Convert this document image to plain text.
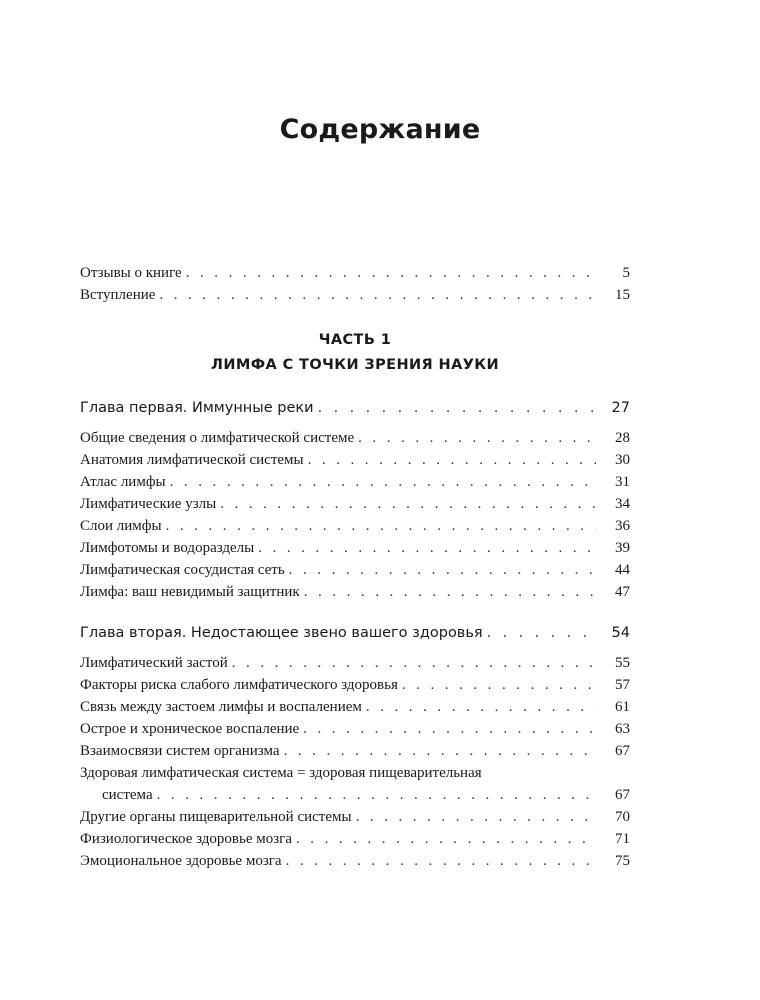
Содержание
Отзывы о книге . . .	5
Вступление . . .	15
ЧАСТЬ 1
ЛИМФА С ТОЧКИ ЗРЕНИЯ НАУКИ
Глава первая. Иммунные реки . . .	27
Общие сведения о лимфатической системе . . .	28
Анатомия лимфатической системы . . .	30
Атлас лимфы . . .	31
Лимфатические узлы . . .	34
Слои лимфы . . .	36
Лимфотомы и водоразделы . . .	39
Лимфатическая сосудистая сеть . . .	44
Лимфа: ваш невидимый защитник . . .	47
Глава вторая. Недостающее звено вашего здоровья . . .	54
Лимфатический застой . . .	55
Факторы риска слабого лимфатического здоровья . . .	57
Связь между застоем лимфы и воспалением . . .	61
Острое и хроническое воспаление . . .	63
Взаимосвязи систем организма . . .	67
Здоровая лимфатическая система = здоровая пищеварительная
система . . .	67
Другие органы пищеварительной системы . . .	70
Физиологическое здоровье мозга . . .	71
Эмоциональное здоровье мозга . . .	75
